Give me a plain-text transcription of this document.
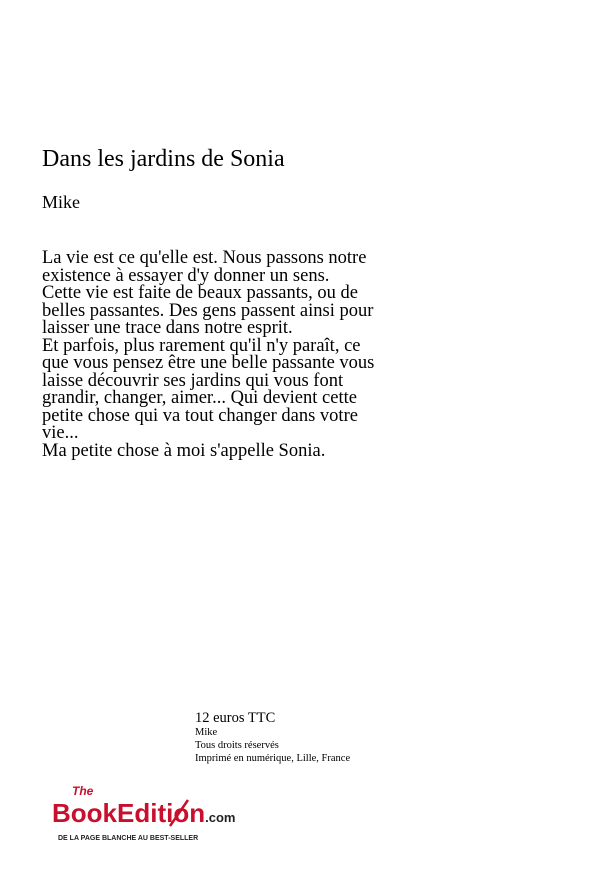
Dans les jardins de Sonia
Mike
La vie est ce qu'elle est. Nous passons notre
existence à essayer d'y donner un sens.
Cette vie est faite de beaux passants, ou de
belles passantes. Des gens passent ainsi pour
laisser une trace dans notre esprit.
Et parfois, plus rarement qu'il n'y paraît, ce
que vous pensez être une belle passante vous
laisse découvrir ses jardins qui vous font
grandir, changer, aimer... Qui devient cette
petite chose qui va tout changer dans votre
vie...
Ma petite chose à moi s'appelle Sonia.
12 euros TTC
Mike
Tous droits réservés
Imprimé en numérique, Lille, France
The
BookEdition.com
DE LA PAGE BLANCHE AU BEST-SELLER
